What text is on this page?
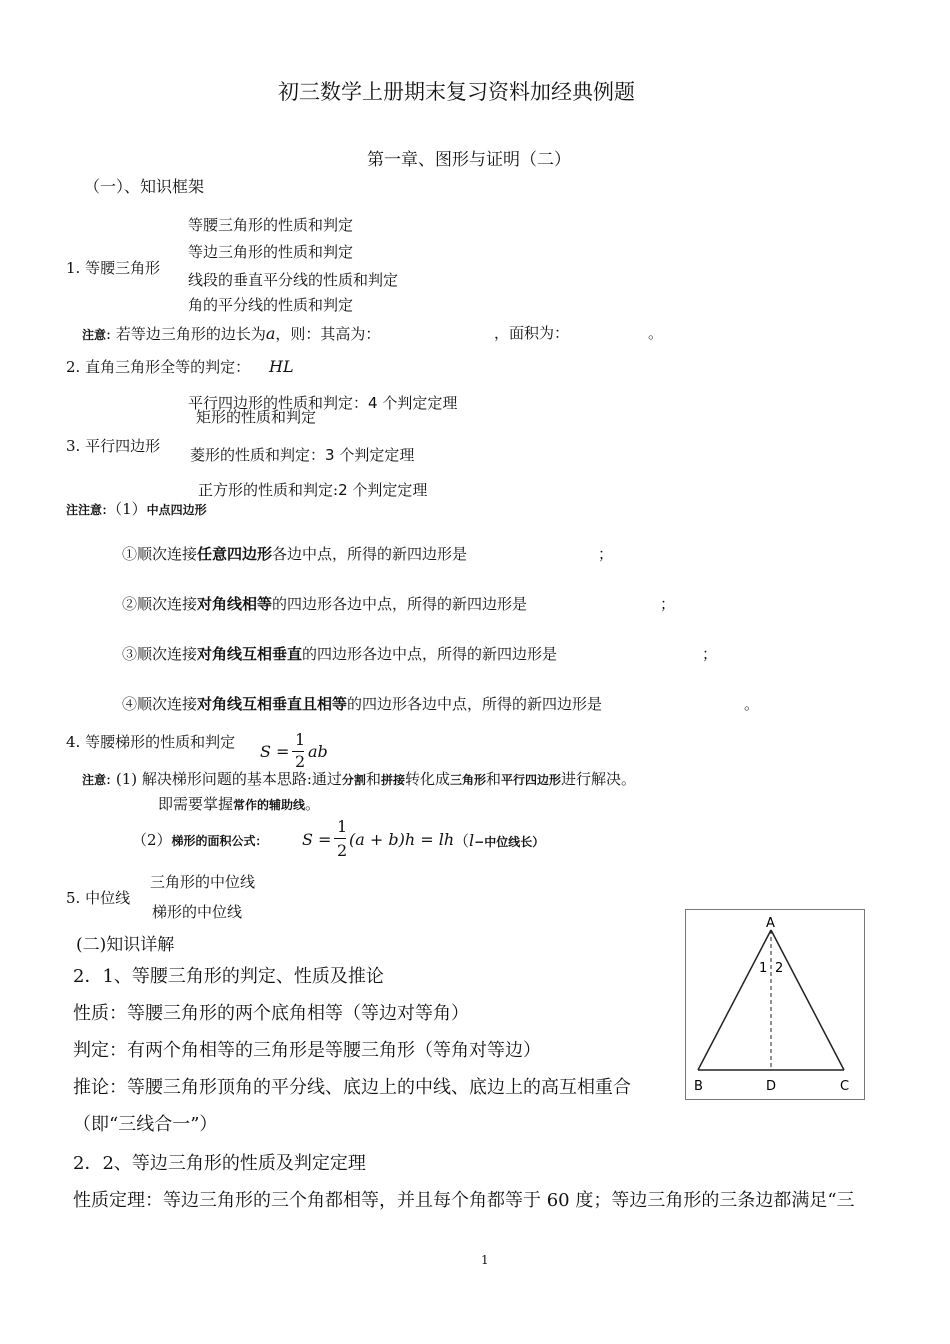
初三数学上册期末复习资料加经典例题
第一章、图形与证明（二）
（一）、知识框架
1. 等腰三角形
等腰三角形的性质和判定
等边三角形的性质和判定
线段的垂直平分线的性质和判定
角的平分线的性质和判定
注意: 若等边三角形的边长为a，则：其高为：	，面积为：	。
2. 直角三角形全等的判定： HL
3. 平行四边形
平行四边形的性质和判定：4 个判定定理
矩形的性质和判定
菱形的性质和判定：3 个判定定理
正方形的性质和判定:2 个判定定理
注注意:（1）中点四边形
①顺次连接任意四边形各边中点，所得的新四边形是	；
②顺次连接对角线相等的四边形各边中点，所得的新四边形是	；
③顺次连接对角线互相垂直的四边形各边中点，所得的新四边形是	；
④顺次连接对角线互相垂直且相等的四边形各边中点，所得的新四边形是	。
4. 等腰梯形的性质和判定 S =
1
2
ab
注意: (1) 解决梯形问题的基本思路:通过分割和拼接转化成三角形和平行四边形进行解决。
即需要掌握常作的辅助线。
（2）梯形的面积公式:	S =
1
2
(a + b)h = lh （l−中位线长）
5. 中位线
三角形的中位线
梯形的中位线
(二)知识详解
2．1、等腰三角形的判定、性质及推论
性质：等腰三角形的两个底角相等（等边对等角）
判定：有两个角相等的三角形是等腰三角形（等角对等边）
推论：等腰三角形顶角的平分线、底边上的中线、底边上的高互相重合
（即“三线合一”）
2．2、等边三角形的性质及判定定理
性质定理：等边三角形的三个角都相等，并且每个角都等于 60 度；等边三角形的三条边都满足“三
A
B	D	C
1 2
1
